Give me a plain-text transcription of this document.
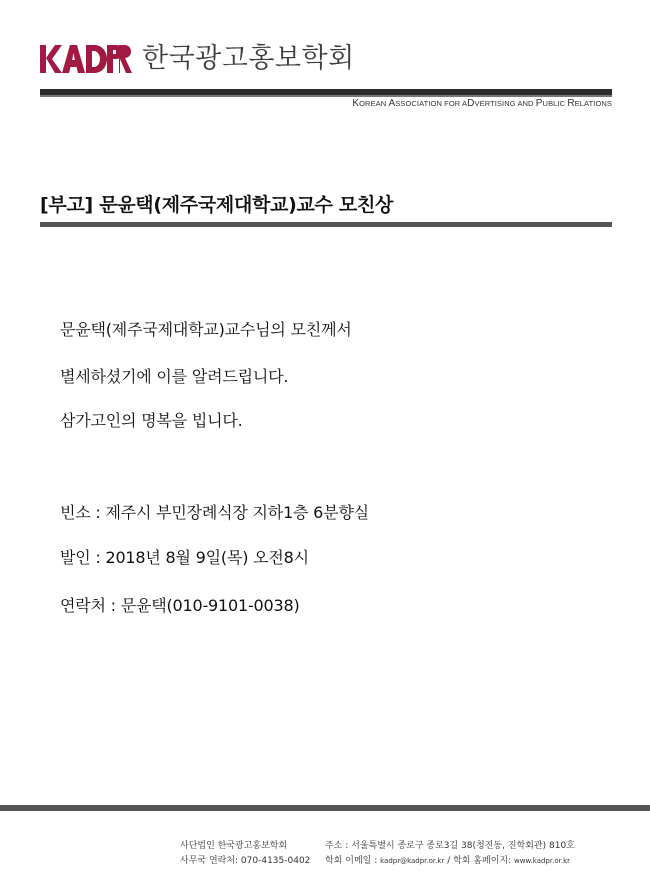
한국광고홍보학회
KOREAN ASSOCIATION FOR ADVERTISING AND PUBLIC RELATIONS
[부고] 문윤택(제주국제대학교)교수 모친상
문윤택(제주국제대학교)교수님의 모친께서
별세하셨기에 이를 알려드립니다.
삼가고인의 명복을 빕니다.
빈소 : 제주시 부민장례식장 지하1층 6분향실
발인 : 2018년 8월 9일(목) 오전8시
연락처 : 문윤택(010-9101-0038)
사단법인 한국광고홍보학회	주소 : 서울특별시 종로구 종로3길 38(청진동, 진학회관) 810호
사무국 연락처: 070-4135-0402 학회 이메일 : kadpr@kadpr.or.kr / 학회 홈페이지: www.kadpr.or.kr
